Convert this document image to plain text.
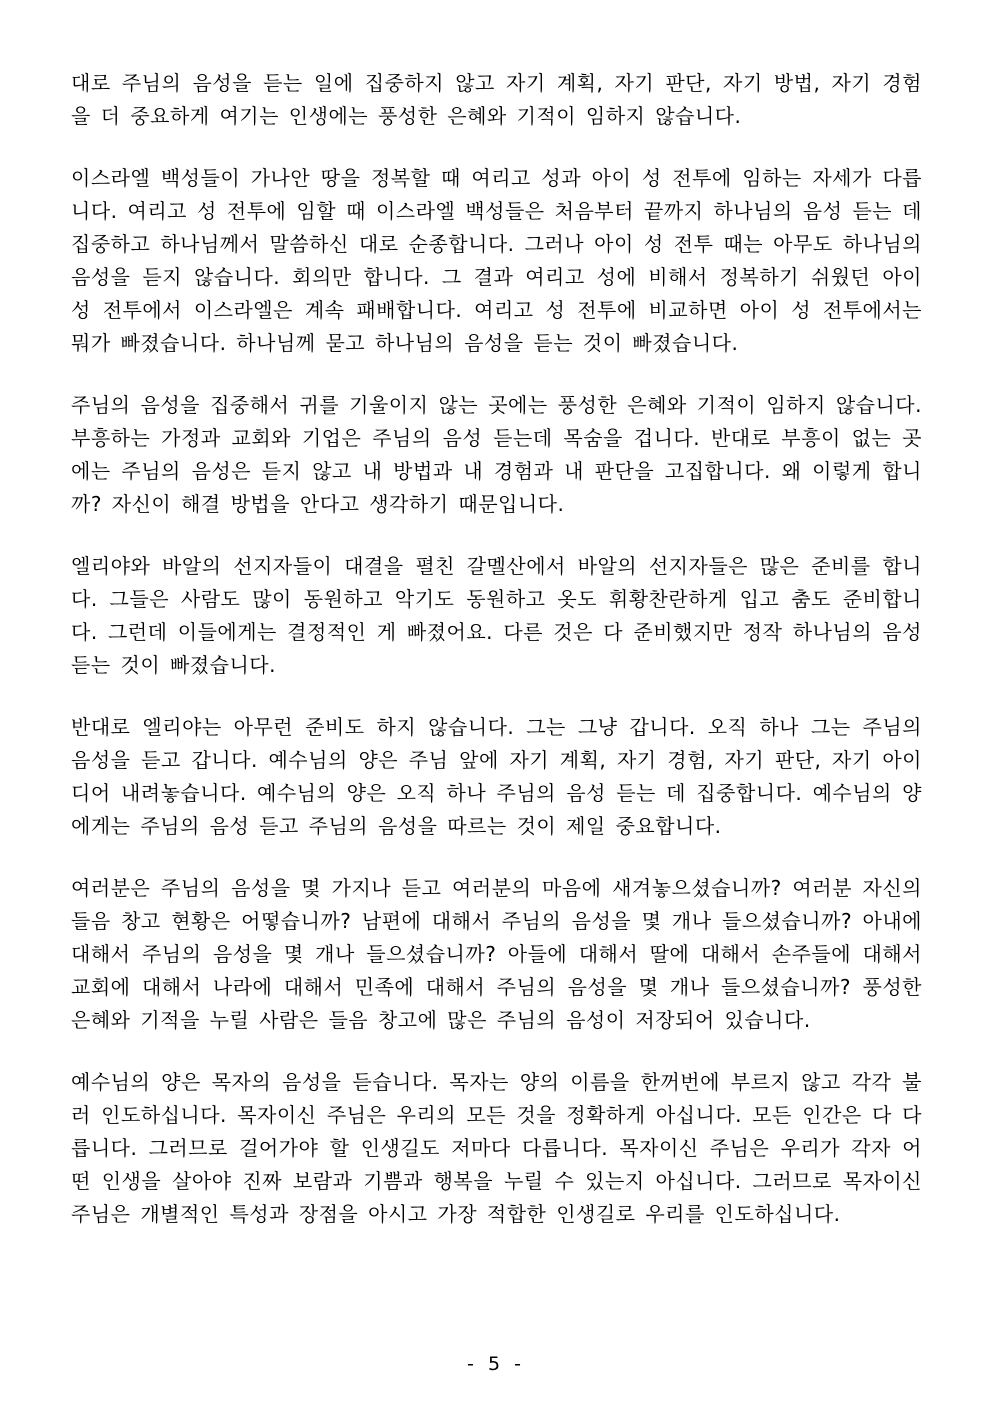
대로 주님의 음성을 듣는 일에 집중하지 않고 자기 계획, 자기 판단, 자기 방법, 자기 경험을 더 중요하게 여기는 인생에는 풍성한 은혜와 기적이 임하지 않습니다.

이스라엘 백성들이 가나안 땅을 정복할 때 여리고 성과 아이 성 전투에 임하는 자세가 다릅니다. 여리고 성 전투에 임할 때 이스라엘 백성들은 처음부터 끝까지 하나님의 음성 듣는 데 집중하고 하나님께서 말씀하신 대로 순종합니다. 그러나 아이 성 전투 때는 아무도 하나님의 음성을 듣지 않습니다. 회의만 합니다. 그 결과 여리고 성에 비해서 정복하기 쉬웠던 아이 성 전투에서 이스라엘은 계속 패배합니다. 여리고 성 전투에 비교하면 아이 성 전투에서는 뭐가 빠졌습니다. 하나님께 묻고 하나님의 음성을 듣는 것이 빠졌습니다.

주님의 음성을 집중해서 귀를 기울이지 않는 곳에는 풍성한 은혜와 기적이 임하지 않습니다. 부흥하는 가정과 교회와 기업은 주님의 음성 듣는데 목숨을 겁니다. 반대로 부흥이 없는 곳에는 주님의 음성은 듣지 않고 내 방법과 내 경험과 내 판단을 고집합니다. 왜 이렇게 합니까? 자신이 해결 방법을 안다고 생각하기 때문입니다.

엘리야와 바알의 선지자들이 대결을 펼친 갈멜산에서 바알의 선지자들은 많은 준비를 합니다. 그들은 사람도 많이 동원하고 악기도 동원하고 옷도 휘황찬란하게 입고 춤도 준비합니다. 그런데 이들에게는 결정적인 게 빠졌어요. 다른 것은 다 준비했지만 정작 하나님의 음성 듣는 것이 빠졌습니다.

반대로 엘리야는 아무런 준비도 하지 않습니다. 그는 그냥 갑니다. 오직 하나 그는 주님의 음성을 듣고 갑니다. 예수님의 양은 주님 앞에 자기 계획, 자기 경험, 자기 판단, 자기 아이디어 내려놓습니다. 예수님의 양은 오직 하나 주님의 음성 듣는 데 집중합니다. 예수님의 양에게는 주님의 음성 듣고 주님의 음성을 따르는 것이 제일 중요합니다.

여러분은 주님의 음성을 몇 가지나 듣고 여러분의 마음에 새겨놓으셨습니까? 여러분 자신의 들음 창고 현황은 어떻습니까? 남편에 대해서 주님의 음성을 몇 개나 들으셨습니까? 아내에 대해서 주님의 음성을 몇 개나 들으셨습니까? 아들에 대해서 딸에 대해서 손주들에 대해서 교회에 대해서 나라에 대해서 민족에 대해서 주님의 음성을 몇 개나 들으셨습니까? 풍성한 은혜와 기적을 누릴 사람은 들음 창고에 많은 주님의 음성이 저장되어 있습니다.

예수님의 양은 목자의 음성을 듣습니다. 목자는 양의 이름을 한꺼번에 부르지 않고 각각 불러 인도하십니다. 목자이신 주님은 우리의 모든 것을 정확하게 아십니다. 모든 인간은 다 다릅니다. 그러므로 걸어가야 할 인생길도 저마다 다릅니다. 목자이신 주님은 우리가 각자 어떤 인생을 살아야 진짜 보람과 기쁨과 행복을 누릴 수 있는지 아십니다. 그러므로 목자이신 주님은 개별적인 특성과 장점을 아시고 가장 적합한 인생길로 우리를 인도하십니다.

- 5 -
